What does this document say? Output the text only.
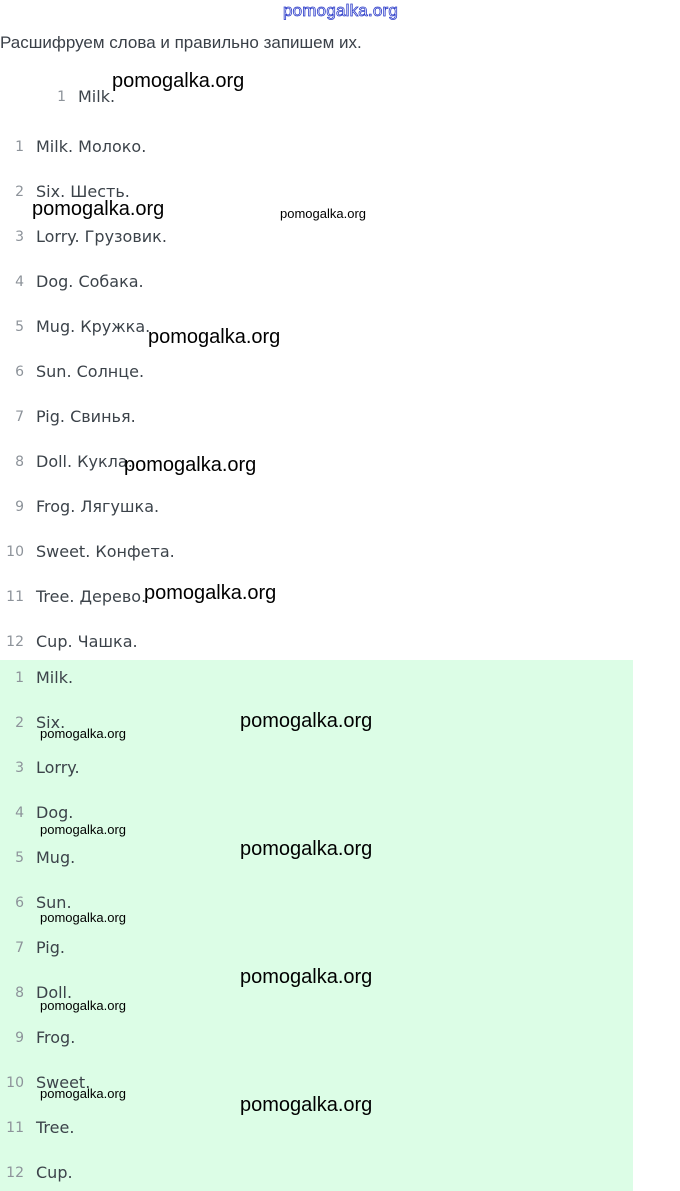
pomogalka.org
Расшифруем слова и правильно запишем их.
1 Milk.
1 Milk. Молоко.
2 Six. Шесть.
3 Lorry. Грузовик.
4 Dog. Собака.
5 Mug. Кружка.
6 Sun. Солнце.
7 Pig. Свинья.
8 Doll. Кукла.
9 Frog. Лягушка.
10 Sweet. Конфета.
11 Tree. Дерево.
12 Cup. Чашка.
1 Milk.
2 Six.
3 Lorry.
4 Dog.
5 Mug.
6 Sun.
7 Pig.
8 Doll.
9 Frog.
10 Sweet.
11 Tree.
12 Cup.
pomogalka.org
pomogalka.org	pomogalka.org
pomogalka.org
pomogalka.org
pomogalka.org
pomogalka.org
pomogalka.org
pomogalka.org
pomogalka.org
pomogalka.org
pomogalka.org
pomogalka.org
pomogalka.org
pomogalka.org
